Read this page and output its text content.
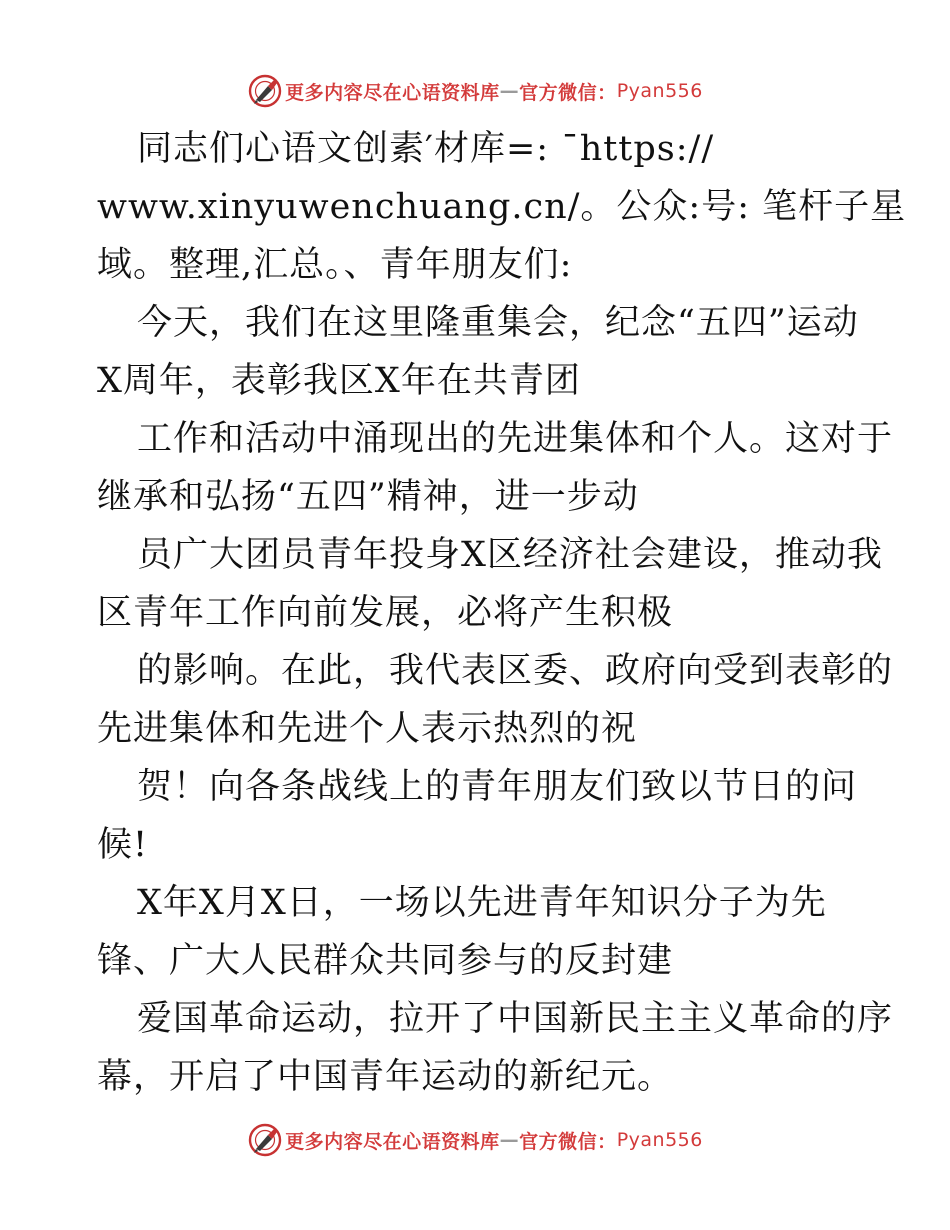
更多内容尽在心语资料库 — 官方微信： Pyan556
同志们心语文创素′材库=: ¯https://
www.xinyuwenchuang.cn/。公众:号: 笔杆子星
域。整理,汇总。、青年朋友们:
今天，我们在这里隆重集会，纪念“五四”运动
X周年，表彰我区X年在共青团
工作和活动中涌现出的先进集体和个人。这对于
继承和弘扬“五四”精神，进一步动
员广大团员青年投身X区经济社会建设，推动我
区青年工作向前发展，必将产生积极
的影响。在此，我代表区委、政府向受到表彰的
先进集体和先进个人表示热烈的祝
贺！向各条战线上的青年朋友们致以节日的问
候!
X年X月X日，一场以先进青年知识分子为先
锋、广大人民群众共同参与的反封建
爱国革命运动，拉开了中国新民主主义革命的序
幕，开启了中国青年运动的新纪元。
更多内容尽在心语资料库 — 官方微信： Pyan556
